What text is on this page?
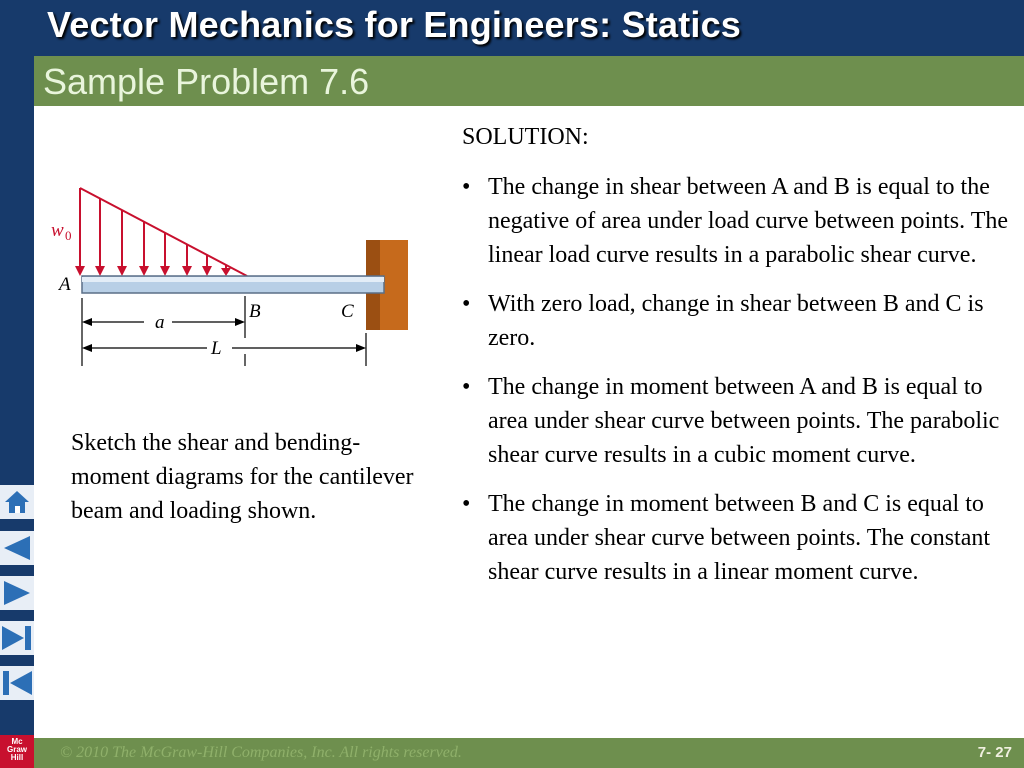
Vector Mechanics for Engineers: Statics
Sample Problem 7.6
w 0
A
B	C
a
L
Sketch the shear and bending-moment diagrams for the cantilever beam and loading shown.
SOLUTION:
• The change in shear between A and B is equal to the negative of area under load curve between points. The linear load curve results in a parabolic shear curve.
• With zero load, change in shear between B and C is zero.
• The change in moment between A and B is equal to area under shear curve between points. The parabolic shear curve results in a cubic moment curve.
• The change in moment between B and C is equal to area under shear curve between points. The constant shear curve results in a linear moment curve.
Mc
Graw
Hill	© 2010 The McGraw-Hill Companies, Inc. All rights reserved.	7- 27
